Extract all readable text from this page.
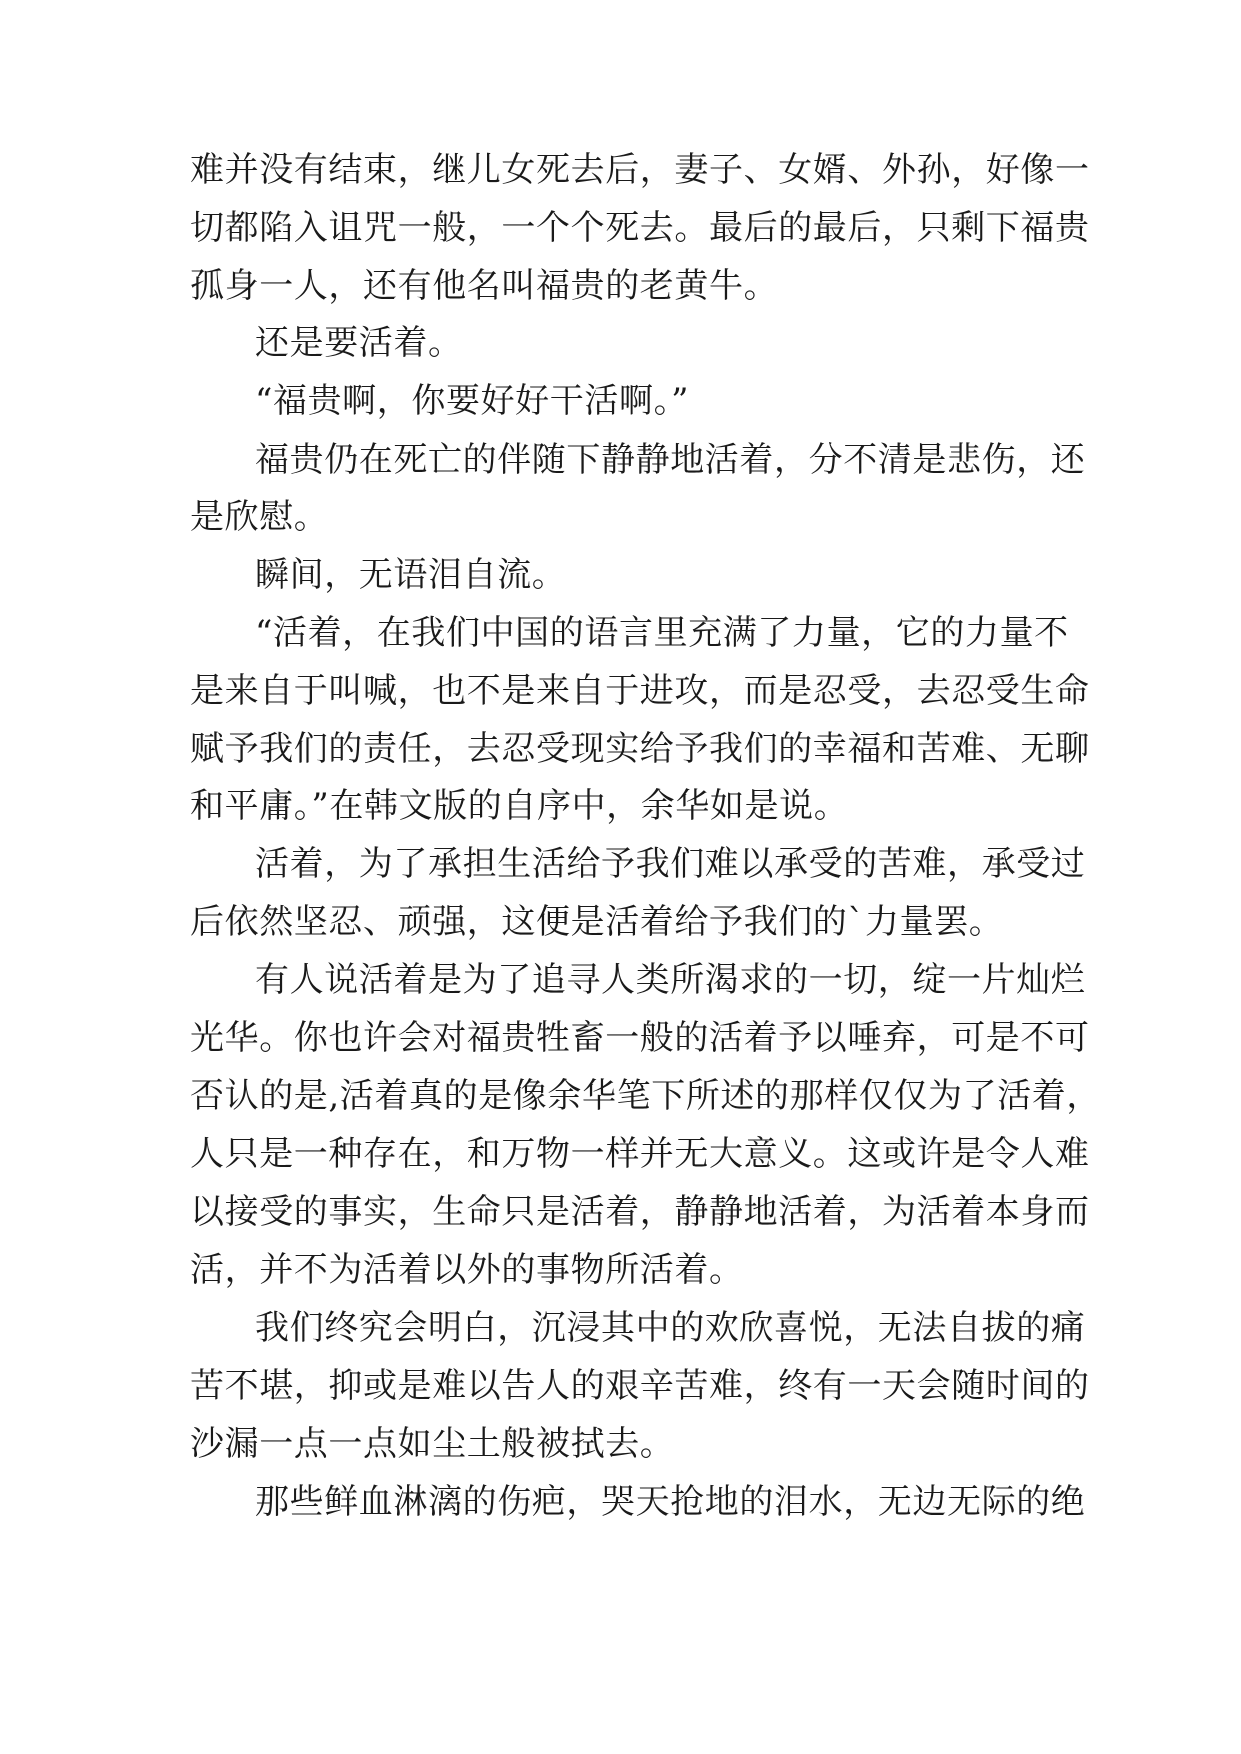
难并没有结束，继儿女死去后，妻子、女婿、外孙，好像一
切都陷入诅咒一般，一个个死去。最后的最后，只剩下福贵
孤身一人，还有他名叫福贵的老黄牛。
还是要活着。
“福贵啊，你要好好干活啊。”
福贵仍在死亡的伴随下静静地活着，分不清是悲伤，还
是欣慰。
瞬间，无语泪自流。
“活着，在我们中国的语言里充满了力量，它的力量不
是来自于叫喊，也不是来自于进攻，而是忍受，去忍受生命
赋予我们的责任，去忍受现实给予我们的幸福和苦难、无聊
和平庸。”在韩文版的自序中，余华如是说。
活着，为了承担生活给予我们难以承受的苦难，承受过
后依然坚忍、顽强，这便是活着给予我们的`力量罢。
有人说活着是为了追寻人类所渴求的一切，绽一片灿烂
光华。你也许会对福贵牲畜一般的活着予以唾弃，可是不可
否认的是,活着真的是像余华笔下所述的那样仅仅为了活着，
人只是一种存在，和万物一样并无大意义。这或许是令人难
以接受的事实，生命只是活着，静静地活着，为活着本身而
活，并不为活着以外的事物所活着。
我们终究会明白，沉浸其中的欢欣喜悦，无法自拔的痛
苦不堪，抑或是难以告人的艰辛苦难，终有一天会随时间的
沙漏一点一点如尘土般被拭去。
那些鲜血淋漓的伤疤，哭天抢地的泪水，无边无际的绝
